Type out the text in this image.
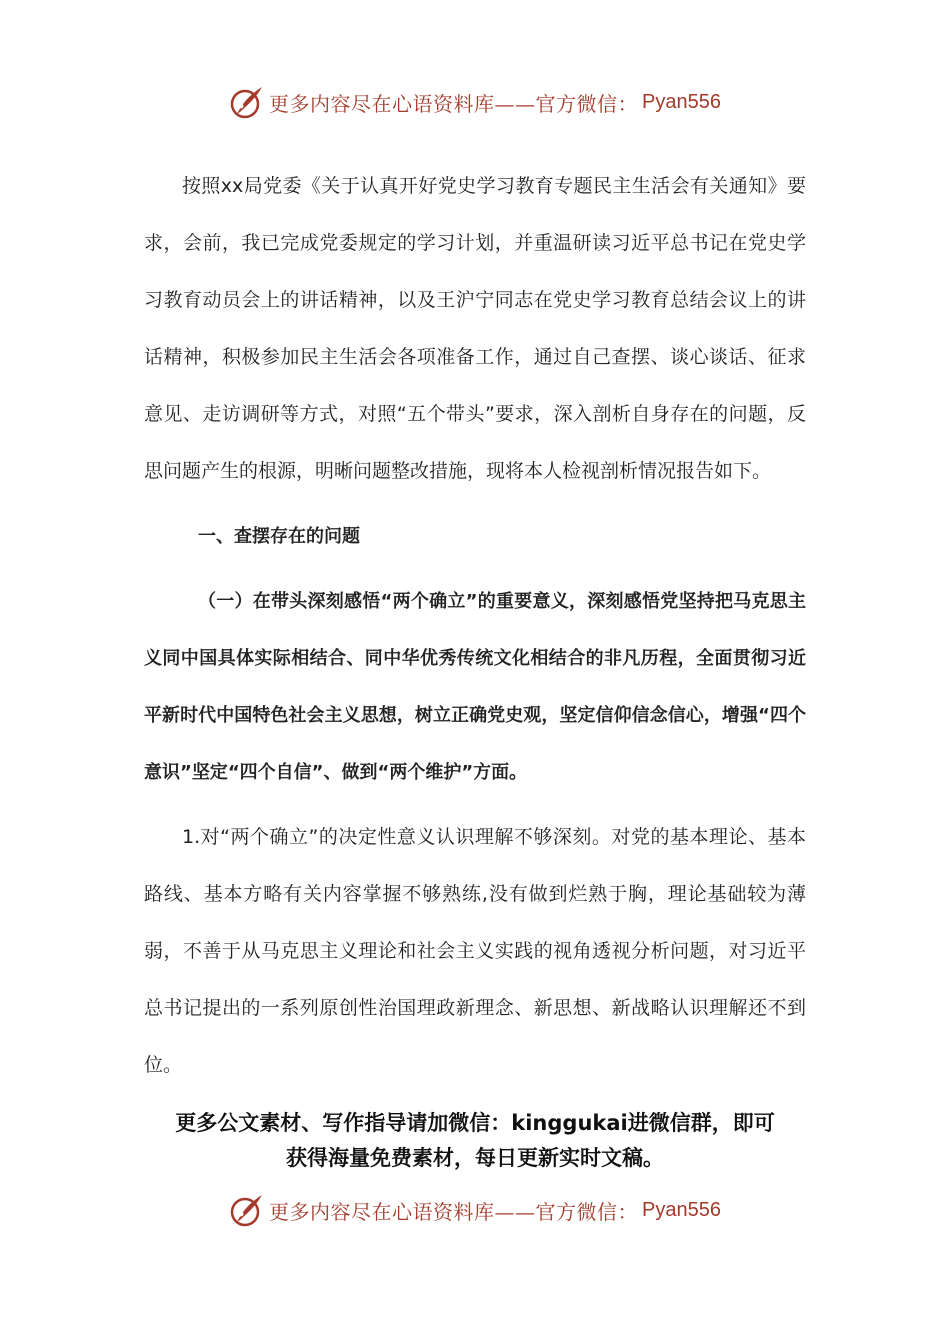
更多内容尽在心语资料库——官方微信： Pyan556

按照xx局党委《关于认真开好党史学习教育专题民主生活会有关通知》要求，会前，我已完成党委规定的学习计划，并重温研读习近平总书记在党史学习教育动员会上的讲话精神，以及王沪宁同志在党史学习教育总结会议上的讲话精神，积极参加民主生活会各项准备工作，通过自己查摆、谈心谈话、征求意见、走访调研等方式，对照“五个带头”要求，深入剖析自身存在的问题，反思问题产生的根源，明晰问题整改措施，现将本人检视剖析情况报告如下。

一、查摆存在的问题

（一）在带头深刻感悟“两个确立”的重要意义，深刻感悟党坚持把马克思主义同中国具体实际相结合、同中华优秀传统文化相结合的非凡历程，全面贯彻习近平新时代中国特色社会主义思想，树立正确党史观，坚定信仰信念信心，增强“四个意识”坚定“四个自信”、做到“两个维护”方面。

1.对“两个确立”的决定性意义认识理解不够深刻。对党的基本理论、基本路线、基本方略有关内容掌握不够熟练,没有做到烂熟于胸，理论基础较为薄弱，不善于从马克思主义理论和社会主义实践的视角透视分析问题，对习近平总书记提出的一系列原创性治国理政新理念、新思想、新战略认识理解还不到位。

更多公文素材、写作指导请加微信：kinggukai进微信群，即可
获得海量免费素材，每日更新实时文稿。
更多内容尽在心语资料库——官方微信： Pyan556
